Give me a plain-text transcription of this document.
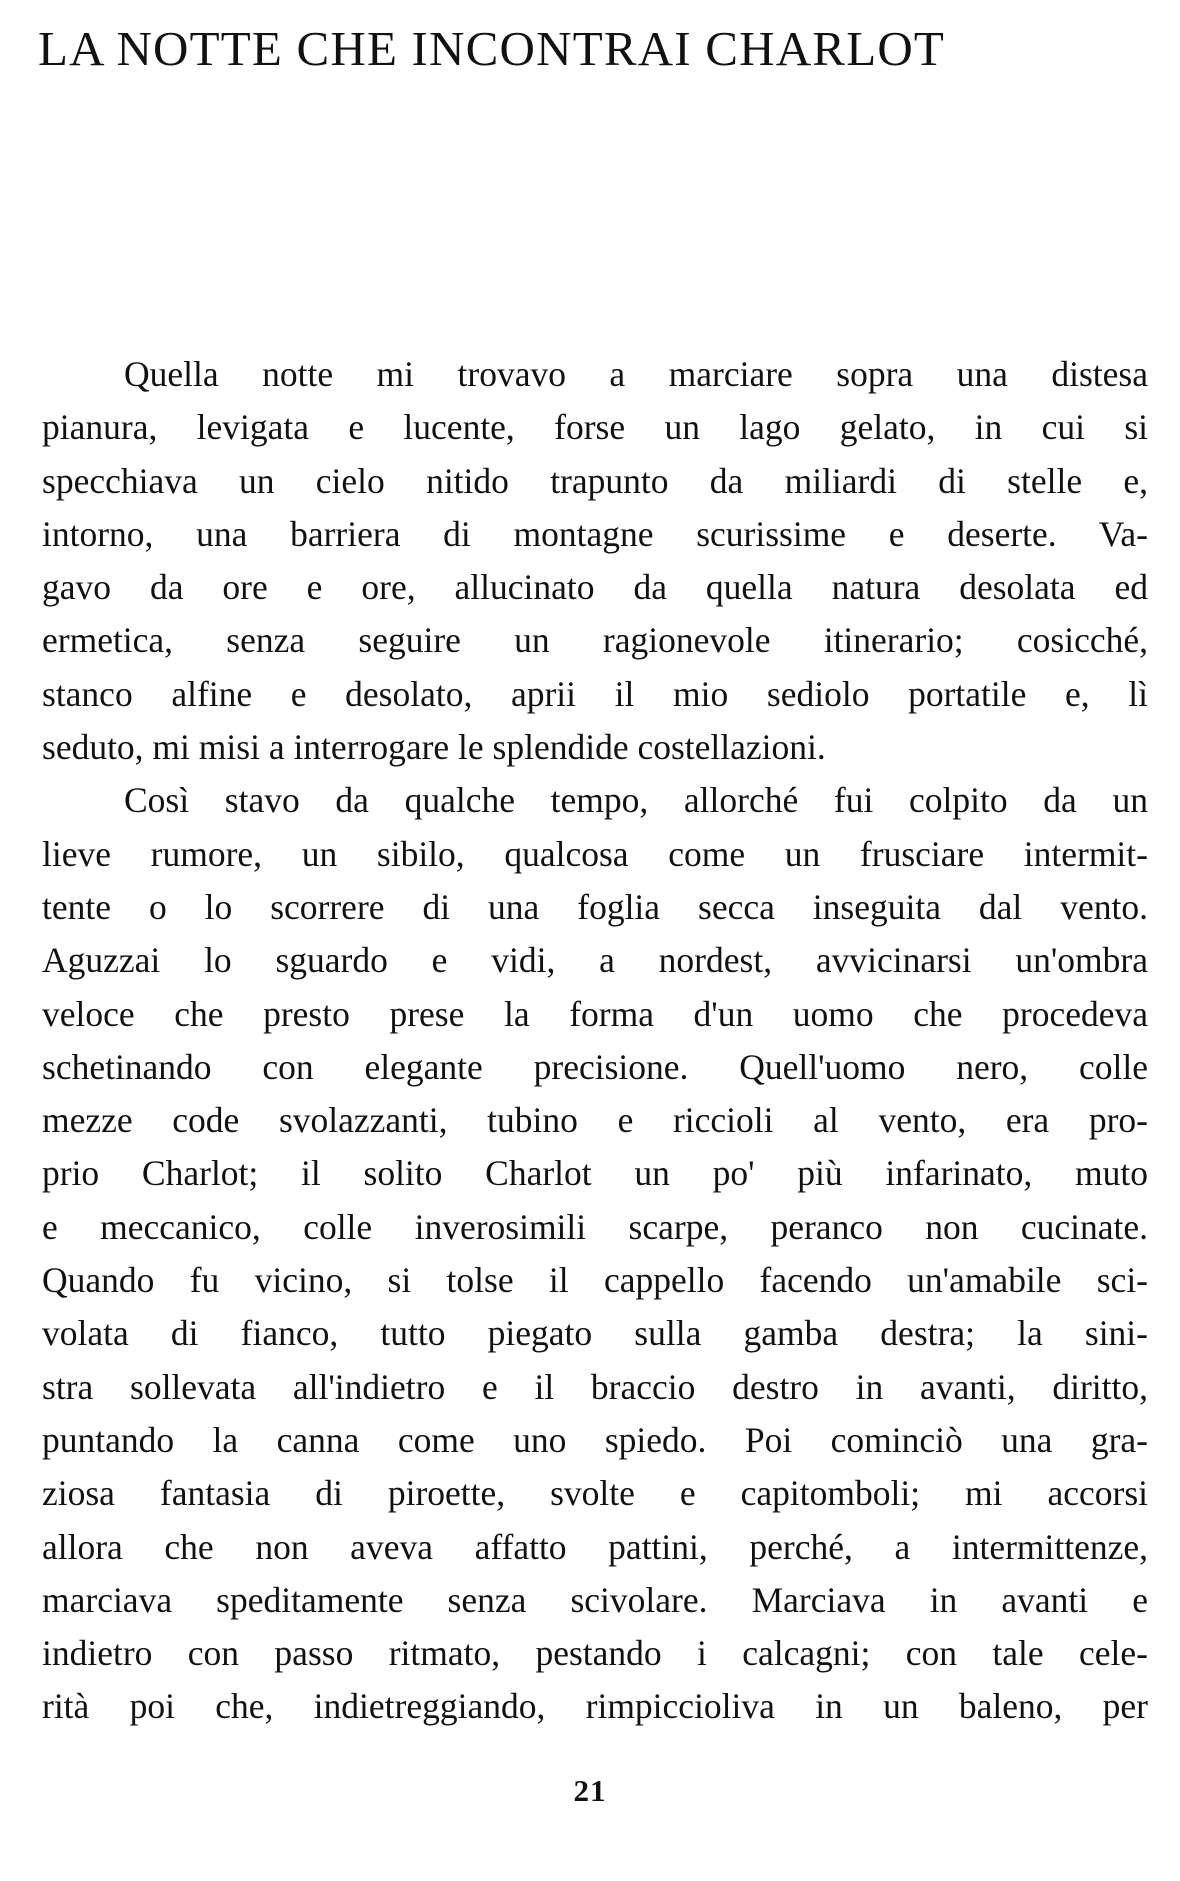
LA NOTTE CHE INCONTRAI CHARLOT
Quella notte mi trovavo a marciare sopra una distesa
pianura, levigata e lucente, forse un lago gelato, in cui si
specchiava un cielo nitido trapunto da miliardi di stelle e,
intorno, una barriera di montagne scurissime e deserte. Va-
gavo da ore e ore, allucinato da quella natura desolata ed
ermetica, senza seguire un ragionevole itinerario; cosicché,
stanco alfine e desolato, aprii il mio sediolo portatile e, lì
seduto, mi misi a interrogare le splendide costellazioni.
Così stavo da qualche tempo, allorché fui colpito da un
lieve rumore, un sibilo, qualcosa come un frusciare intermit-
tente o lo scorrere di una foglia secca inseguita dal vento.
Aguzzai lo sguardo e vidi, a nordest, avvicinarsi un'ombra
veloce che presto prese la forma d'un uomo che procedeva
schetinando con elegante precisione. Quell'uomo nero, colle
mezze code svolazzanti, tubino e riccioli al vento, era pro-
prio Charlot; il solito Charlot un po' più infarinato, muto
e meccanico, colle inverosimili scarpe, peranco non cucinate.
Quando fu vicino, si tolse il cappello facendo un'amabile sci-
volata di fianco, tutto piegato sulla gamba destra; la sini-
stra sollevata all'indietro e il braccio destro in avanti, diritto,
puntando la canna come uno spiedo. Poi cominciò una gra-
ziosa fantasia di piroette, svolte e capitomboli; mi accorsi
allora che non aveva affatto pattini, perché, a intermittenze,
marciava speditamente senza scivolare. Marciava in avanti e
indietro con passo ritmato, pestando i calcagni; con tale cele-
rità poi che, indietreggiando, rimpiccioliva in un baleno, per
21
